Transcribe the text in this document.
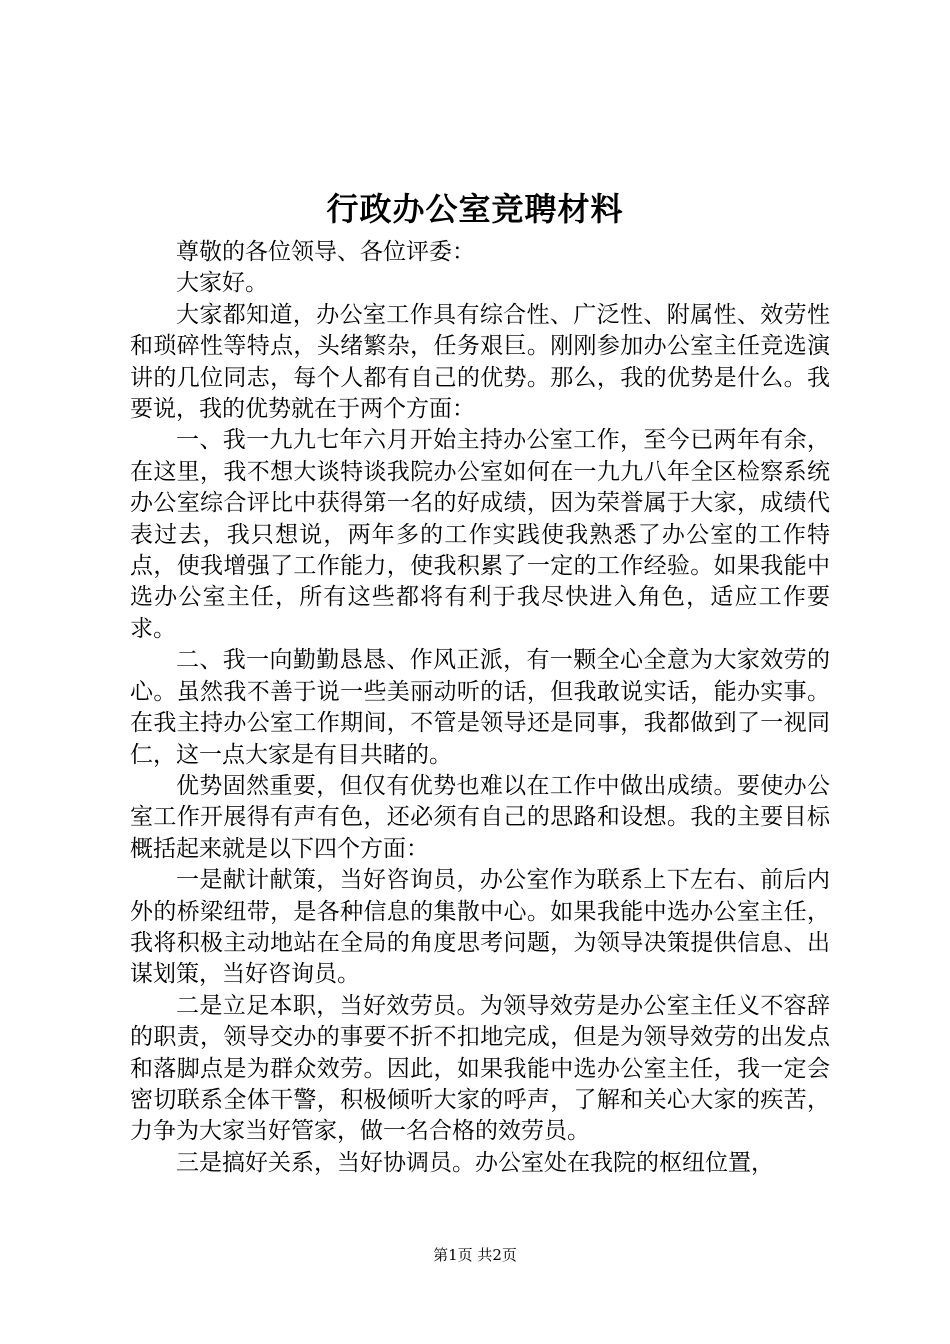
行政办公室竞聘材料

尊敬的各位领导、各位评委：

大家好。

大家都知道，办公室工作具有综合性、广泛性、附属性、效劳性和琐碎性等特点，头绪繁杂，任务艰巨。刚刚参加办公室主任竞选演讲的几位同志，每个人都有自己的优势。那么，我的优势是什么。我要说，我的优势就在于两个方面：

一、我一九九七年六月开始主持办公室工作，至今已两年有余，在这里，我不想大谈特谈我院办公室如何在一九九八年全区检察系统办公室综合评比中获得第一名的好成绩，因为荣誉属于大家，成绩代表过去，我只想说，两年多的工作实践使我熟悉了办公室的工作特点，使我增强了工作能力，使我积累了一定的工作经验。如果我能中选办公室主任，所有这些都将有利于我尽快进入角色，适应工作要求。

二、我一向勤勤恳恳、作风正派，有一颗全心全意为大家效劳的心。虽然我不善于说一些美丽动听的话，但我敢说实话，能办实事。在我主持办公室工作期间，不管是领导还是同事，我都做到了一视同仁，这一点大家是有目共睹的。

优势固然重要，但仅有优势也难以在工作中做出成绩。要使办公室工作开展得有声有色，还必须有自己的思路和设想。我的主要目标概括起来就是以下四个方面：

一是献计献策，当好咨询员，办公室作为联系上下左右、前后内外的桥梁纽带，是各种信息的集散中心。如果我能中选办公室主任，我将积极主动地站在全局的角度思考问题，为领导决策提供信息、出谋划策，当好咨询员。

二是立足本职，当好效劳员。为领导效劳是办公室主任义不容辞的职责，领导交办的事要不折不扣地完成，但是为领导效劳的出发点和落脚点是为群众效劳。因此，如果我能中选办公室主任，我一定会密切联系全体干警，积极倾听大家的呼声，了解和关心大家的疾苦，力争为大家当好管家，做一名合格的效劳员。

三是搞好关系，当好协调员。办公室处在我院的枢纽位置，

第1页 共2页
